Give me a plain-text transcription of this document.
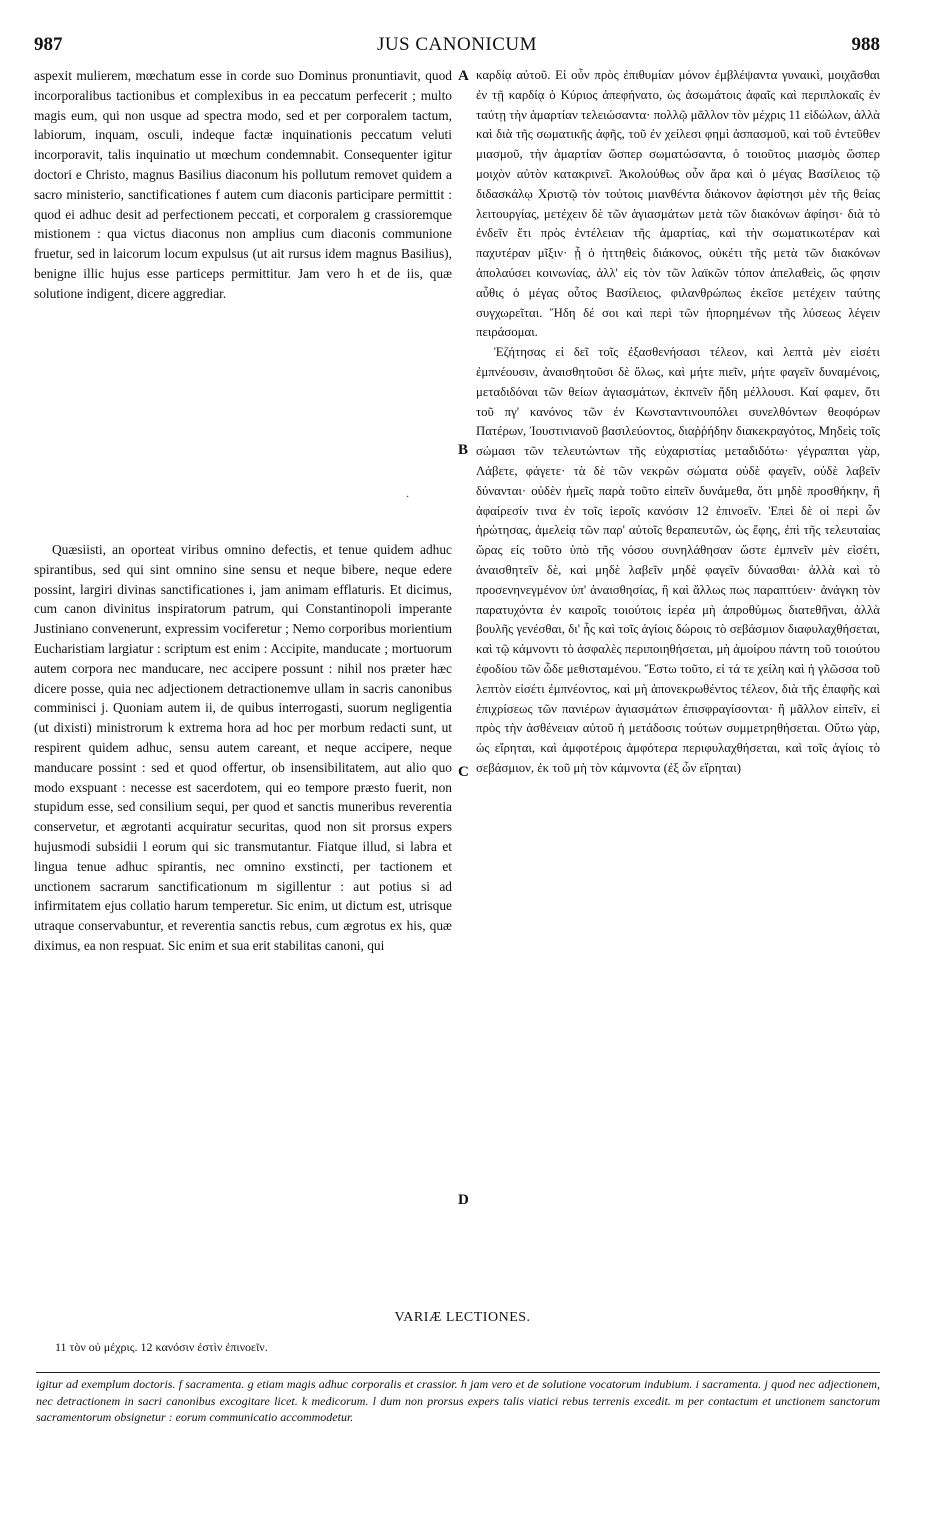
987	JUS CANONICUM	988

aspexit mulierem, mœchatum esse in corde suo Dominus pronuntiavit, quod incorporalibus tactionibus et complexibus in ea peccatum perfecerit ; multo magis eum, qui non usque ad spectra modo, sed et per corporalem tactum, labiorum, inquam, osculi, indeque factæ inquinationis peccatum veluti incorporavit, talis inquinatio ut mœchum condemnabit. Consequenter igitur doctori e Christo, magnus Basilius diaconum his pollutum removet quidem a sacro ministerio, sanctificationes f autem cum diaconis participare permittit : quod ei adhuc desit ad perfectionem peccati, et corporalem g crassioremque mistionem : qua victus diaconus non amplius cum diaconis communione fruetur, sed in laicorum locum expulsus (ut ait rursus idem magnus Basilius), benigne illic hujus esse particeps permittitur. Jam vero h et de iis, quæ solutione indigent, dicere aggrediar.

·

Quæsiisti, an oporteat viribus omnino defectis, et tenue quidem adhuc spirantibus, sed qui sint omnino sine sensu et neque bibere, neque edere possint, largiri divinas sanctificationes i, jam animam efflaturis. Et dicimus, cum canon divinitus inspiratorum patrum, qui Constantinopoli imperante Justiniano convenerunt, expressim vociferetur ; Nemo corporibus morientium Eucharistiam largiatur : scriptum est enim : Accipite, manducate ; mortuorum autem corpora nec manducare, nec accipere possunt : nihil nos præter hæc dicere posse, quia nec adjectionem detractionemve ullam in sacris canonibus comminisci j. Quoniam autem ii, de quibus interrogasti, suorum negligentia (ut dixisti) ministrorum k extrema hora ad hoc per morbum redacti sunt, ut respirent quidem adhuc, sensu autem careant, et neque accipere, neque manducare possint : sed et quod offertur, ob insensibilitatem, aut alio quo modo exspuant : necesse est sacerdotem, qui eo tempore præsto fuerit, non stupidum esse, sed consilium sequi, per quod et sanctis muneribus reverentia conservetur, et ægrotanti acquiratur securitas, quod non sit prorsus expers hujusmodi subsidii l eorum qui sic transmutantur. Fiatque illud, si labra et lingua tenue adhuc spirantis, nec omnino exstincti, per tactionem et unctionem sacrarum sanctificationum m sigillentur : aut potius si ad infirmitatem ejus collatio harum temperetur. Sic enim, ut dictum est, utrisque utraque conservabuntur, et reverentia sanctis rebus, cum ægrotus ex his, quæ diximus, ea non respuat. Sic enim et sua erit stabilitas canoni, qui

καρδίᾳ αὐτοῦ. Εἰ οὖν πρὸς ἐπιθυμίαν μόνον ἐμβλέψαντα γυναικὶ, μοιχᾶσθαι ἐν τῇ καρδίᾳ ὁ Κύριος ἀπεφήνατο, ὡς ἀσωμάτοις ἀφαῖς καὶ περιπλοκαῖς ἐν ταύτῃ τὴν ἁμαρτίαν τελειώσαντα· πολλῷ μᾶλλον τὸν μέχρις 11 εἰδώλων, ἀλλὰ καὶ διὰ τῆς σωματικῆς ἀφῆς, τοῦ ἐν χείλεσι φημὶ ἀσπασμοῦ, καὶ τοῦ ἐντεῦθεν μιασμοῦ, τὴν ἁμαρτίαν ὥσπερ σωματώσαντα, ὁ τοιοῦτος μιασμὸς ὥσπερ μοιχὸν αὐτὸν κατακρινεῖ. Ἀκολούθως οὖν ἄρα καὶ ὁ μέγας Βασίλειος τῷ διδασκάλῳ Χριστῷ τὸν τούτοις μιανθέντα διάκονον ἀφίστησι μὲν τῆς θείας λειτουργίας, μετέχειν δὲ τῶν ἁγιασμάτων μετὰ τῶν διακόνων ἀφίησι· διὰ τὸ ἐνδεῖν ἔτι πρὸς ἐντέλειαν τῆς ἁμαρτίας, καὶ τὴν σωματικωτέραν καὶ παχυτέραν μῖξιν· ᾗ ὁ ἡττηθεὶς διάκονος, οὐκέτι τῆς μετὰ τῶν διακόνων ἀπολαύσει κοινωνίας, ἀλλ' εἰς τὸν τῶν λαϊκῶν τόπον ἀπελαθεὶς, ὥς φησιν αὖθις ὁ μέγας οὗτος Βασίλειος, φιλανθρώπως ἐκεῖσε μετέχειν ταύτης συγχωρεῖται. Ἤδη δέ σοι καὶ περὶ τῶν ἠπορημένων τῆς λύσεως λέγειν πειράσομαι.

Ἐζήτησας εἰ δεῖ τοῖς ἐξασθενήσασι τέλεον, καὶ λεπτὰ μὲν εἰσέτι ἐμπνέουσιν, ἀναισθητοῦσι δὲ ὅλως, καὶ μήτε πιεῖν, μήτε φαγεῖν δυναμένοις, μεταδιδόναι τῶν θείων ἁγιασμάτων, ἐκπνεῖν ἤδη μέλλουσι. Καί φαμεν, ὅτι τοῦ πγ' κανόνος τῶν ἐν Κωνσταντινουπόλει συνελθόντων θεοφόρων Πατέρων, Ἰουστινιανοῦ βασιλεύοντος, διαῤῥήδην διακεκραγότος, Μηδεὶς τοῖς σώμασι τῶν τελευτώντων τῆς εὐχαριστίας μεταδιδότω· γέγραπται γὰρ, Λάβετε, φάγετε· τὰ δὲ τῶν νεκρῶν σώματα οὐδὲ φαγεῖν, οὐδὲ λαβεῖν δύνανται· οὐδὲν ἡμεῖς παρὰ τοῦτο εἰπεῖν δυνάμεθα, ὅτι μηδὲ προσθήκην, ἢ ἀφαίρεσίν τινα ἐν τοῖς ἱεροῖς κανόσιν 12 ἐπινοεῖν. Ἐπεὶ δὲ οἱ περὶ ὧν ἠρώτησας, ἀμελείᾳ τῶν παρ' αὐτοῖς θεραπευτῶν, ὡς ἔφης, ἐπὶ τῆς τελευταίας ὥρας εἰς τοῦτο ὑπὸ τῆς νόσου συνηλάθησαν ὥστε ἐμπνεῖν μὲν εἰσέτι, ἀναισθητεῖν δὲ, καὶ μηδὲ λαβεῖν μηδὲ φαγεῖν δύνασθαι· ἀλλὰ καὶ τὸ προσενηνεγμένον ὑπ' ἀναισθησίας, ἢ καὶ ἄλλως πως παραπτύειν· ἀνάγκη τὸν παρατυχόντα ἐν καιροῖς τοιούτοις ἱερέα μὴ ἀπροθύμως διατεθῆναι, ἀλλὰ βουλῆς γενέσθαι, δι' ἧς καὶ τοῖς ἁγίοις δώροις τὸ σεβάσμιον διαφυλαχθήσεται, καὶ τῷ κάμνοντι τὸ ἀσφαλὲς περιποιηθήσεται, μὴ ἀμοίρου πάντη τοῦ τοιούτου ἐφοδίου τῶν ὧδε μεθισταμένου. Ἔστω τοῦτο, εἰ τά τε χείλη καὶ ἡ γλῶσσα τοῦ λεπτὸν εἰσέτι ἐμπνέοντος, καὶ μὴ ἀπονεκρωθέντος τέλεον, διὰ τῆς ἐπαφῆς καὶ ἐπιχρίσεως τῶν πανιέρων ἁγιασμάτων ἐπισφραγίσονται· ἢ μᾶλλον εἰπεῖν, εἰ πρὸς τὴν ἀσθένειαν αὐτοῦ ἡ μετάδοσις τούτων συμμετρηθήσεται. Οὕτω γὰρ, ὡς εἴρηται, καὶ ἀμφοτέροις ἀμφότερα περιφυλαχθήσεται, καὶ τοῖς ἁγίοις τὸ σεβάσμιον, ἐκ τοῦ μὴ τὸν κάμνοντα (ἐξ ὧν εἴρηται)

A
B
C
D
VARIÆ LECTIONES.
11 τὸν οὐ μέχρις. 12 κανόσιν ἐστὶν ἐπινοεῖν.
igitur ad exemplum doctoris. f sacramenta. g etiam magis adhuc corporalis et crassior. h jam vero et de solutione vocatorum indubium. i sacramenta. j quod nec adjectionem, nec detractionem in sacri canonibus excogitare licet. k medicorum. l dum non prorsus expers talis viatici rebus terrenis excedit. m per contactum et unctionem sanctorum sacramentorum obsignetur : eorum communicatio accommodetur.
